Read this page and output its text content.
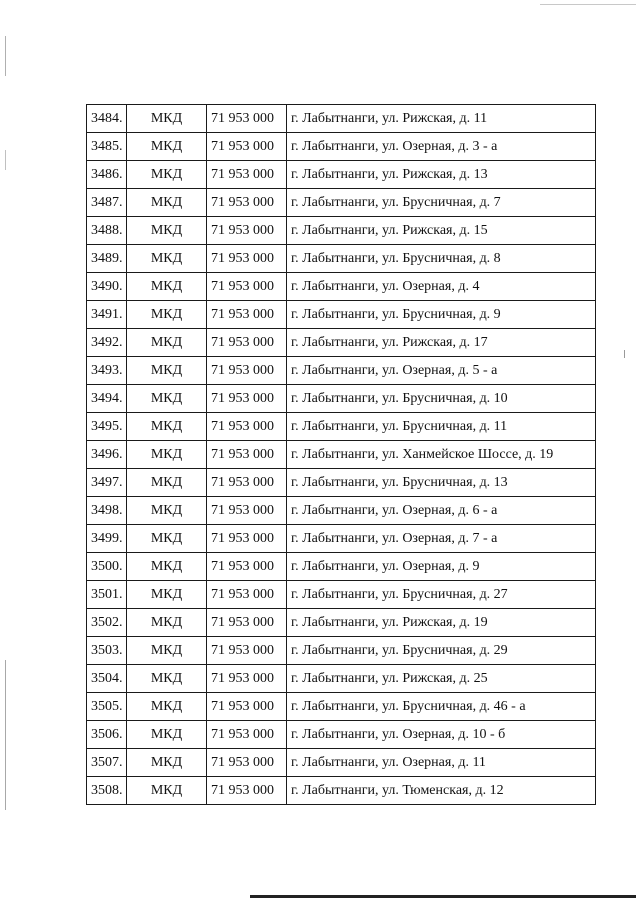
3484.	МКД	71 953 000	г. Лабытнанги, ул. Рижская, д. 11
3485.	МКД	71 953 000	г. Лабытнанги, ул. Озерная, д. 3 - а
3486.	МКД	71 953 000	г. Лабытнанги, ул. Рижская, д. 13
3487.	МКД	71 953 000	г. Лабытнанги, ул. Брусничная, д. 7
3488.	МКД	71 953 000	г. Лабытнанги, ул. Рижская, д. 15
3489.	МКД	71 953 000	г. Лабытнанги, ул. Брусничная, д. 8
3490.	МКД	71 953 000	г. Лабытнанги, ул. Озерная, д. 4
3491.	МКД	71 953 000	г. Лабытнанги, ул. Брусничная, д. 9
3492.	МКД	71 953 000	г. Лабытнанги, ул. Рижская, д. 17
3493.	МКД	71 953 000	г. Лабытнанги, ул. Озерная, д. 5 - а
3494.	МКД	71 953 000	г. Лабытнанги, ул. Брусничная, д. 10
3495.	МКД	71 953 000	г. Лабытнанги, ул. Брусничная, д. 11
3496.	МКД	71 953 000	г. Лабытнанги, ул. Ханмейское Шоссе, д. 19
3497.	МКД	71 953 000	г. Лабытнанги, ул. Брусничная, д. 13
3498.	МКД	71 953 000	г. Лабытнанги, ул. Озерная, д. 6 - а
3499.	МКД	71 953 000	г. Лабытнанги, ул. Озерная, д. 7 - а
3500.	МКД	71 953 000	г. Лабытнанги, ул. Озерная, д. 9
3501.	МКД	71 953 000	г. Лабытнанги, ул. Брусничная, д. 27
3502.	МКД	71 953 000	г. Лабытнанги, ул. Рижская, д. 19
3503.	МКД	71 953 000	г. Лабытнанги, ул. Брусничная, д. 29
3504.	МКД	71 953 000	г. Лабытнанги, ул. Рижская, д. 25
3505.	МКД	71 953 000	г. Лабытнанги, ул. Брусничная, д. 46 - а
3506.	МКД	71 953 000	г. Лабытнанги, ул. Озерная, д. 10 - б
3507.	МКД	71 953 000	г. Лабытнанги, ул. Озерная, д. 11
3508.	МКД	71 953 000	г. Лабытнанги, ул. Тюменская, д. 12
